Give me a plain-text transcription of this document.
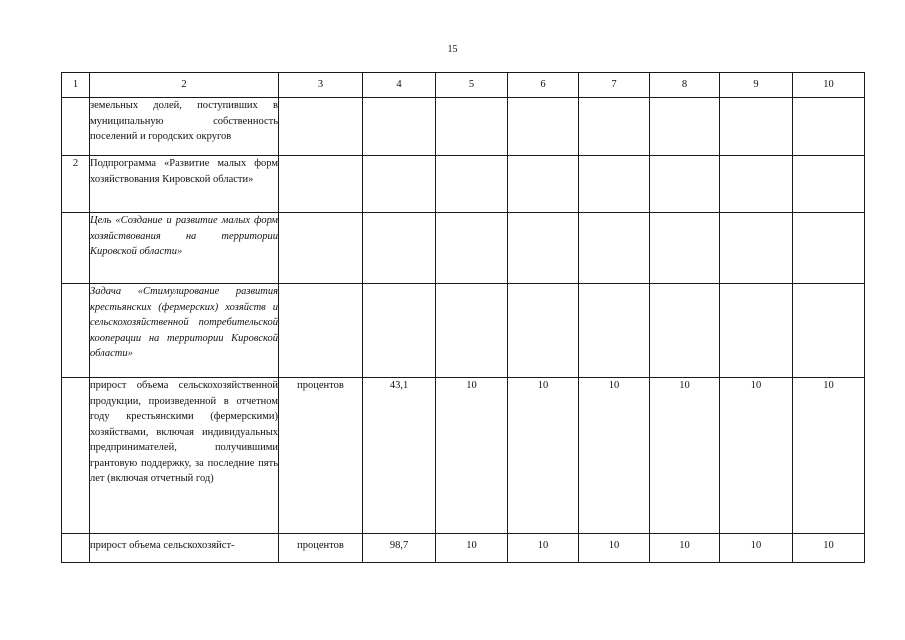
15
1	2	3	4	5	6	7	8	9	10
	земельных долей, поступивших в муниципальную собственность поселений и городских округов								
2	Подпрограмма «Развитие малых форм хозяйствования Кировской области»								
	Цель «Создание и развитие малых форм хозяйствования на территории Кировской области»								
	Задача «Стимулирование развития крестьянских (фермерских) хозяйств и сельскохозяйственной потребительской кооперации на территории Кировской области»								
	прирост объема сельскохозяйственной продукции, произведенной в отчетном году крестьянскими (фермерскими) хозяйствами, включая индивидуальных предпринимателей, получившими грантовую поддержку, за последние пять лет (включая отчетный год)	процентов	43,1	10	10	10	10	10	10
	прирост объема сельскохозяйст-	процентов	98,7	10	10	10	10	10	10
